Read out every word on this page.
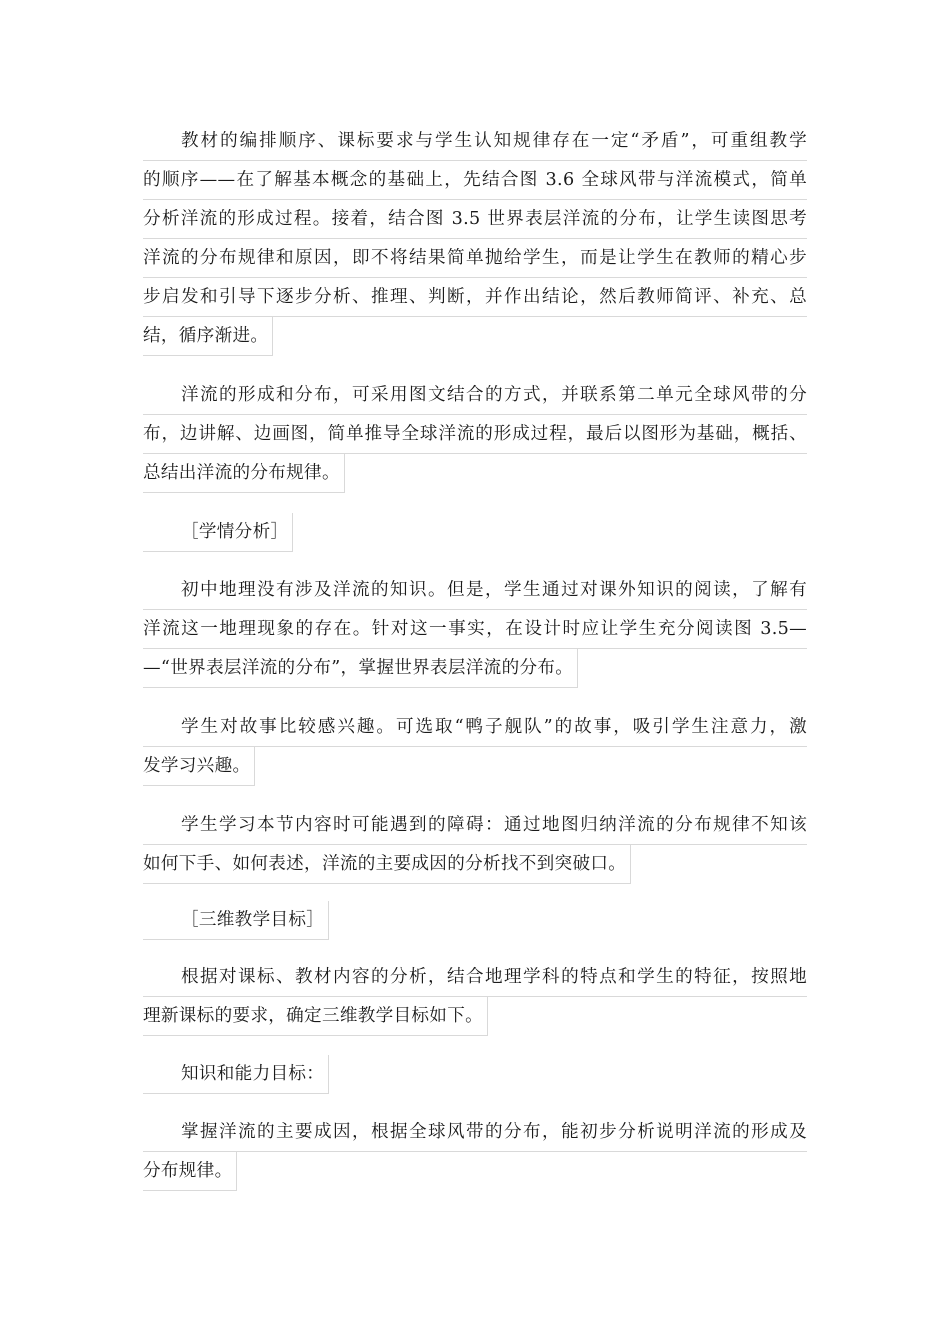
教材的编排顺序、课标要求与学生认知规律存在一定“矛盾”，可重组教学
的顺序——在了解基本概念的基础上，先结合图 3.6 全球风带与洋流模式，简单
分析洋流的形成过程。接着，结合图 3.5 世界表层洋流的分布，让学生读图思考
洋流的分布规律和原因，即不将结果简单抛给学生，而是让学生在教师的精心步
步启发和引导下逐步分析、推理、判断，并作出结论，然后教师简评、补充、总
结，循序渐进。
洋流的形成和分布，可采用图文结合的方式，并联系第二单元全球风带的分
布，边讲解、边画图，简单推导全球洋流的形成过程，最后以图形为基础，概括、
总结出洋流的分布规律。
［学情分析］
初中地理没有涉及洋流的知识。但是，学生通过对课外知识的阅读，了解有
洋流这一地理现象的存在。针对这一事实，在设计时应让学生充分阅读图 3.5—
—“世界表层洋流的分布”，掌握世界表层洋流的分布。
学生对故事比较感兴趣。可选取“鸭子舰队”的故事，吸引学生注意力，激
发学习兴趣。
学生学习本节内容时可能遇到的障碍：通过地图归纳洋流的分布规律不知该
如何下手、如何表述，洋流的主要成因的分析找不到突破口。
［三维教学目标］
根据对课标、教材内容的分析，结合地理学科的特点和学生的特征，按照地
理新课标的要求，确定三维教学目标如下。
知识和能力目标：
掌握洋流的主要成因，根据全球风带的分布，能初步分析说明洋流的形成及
分布规律。
